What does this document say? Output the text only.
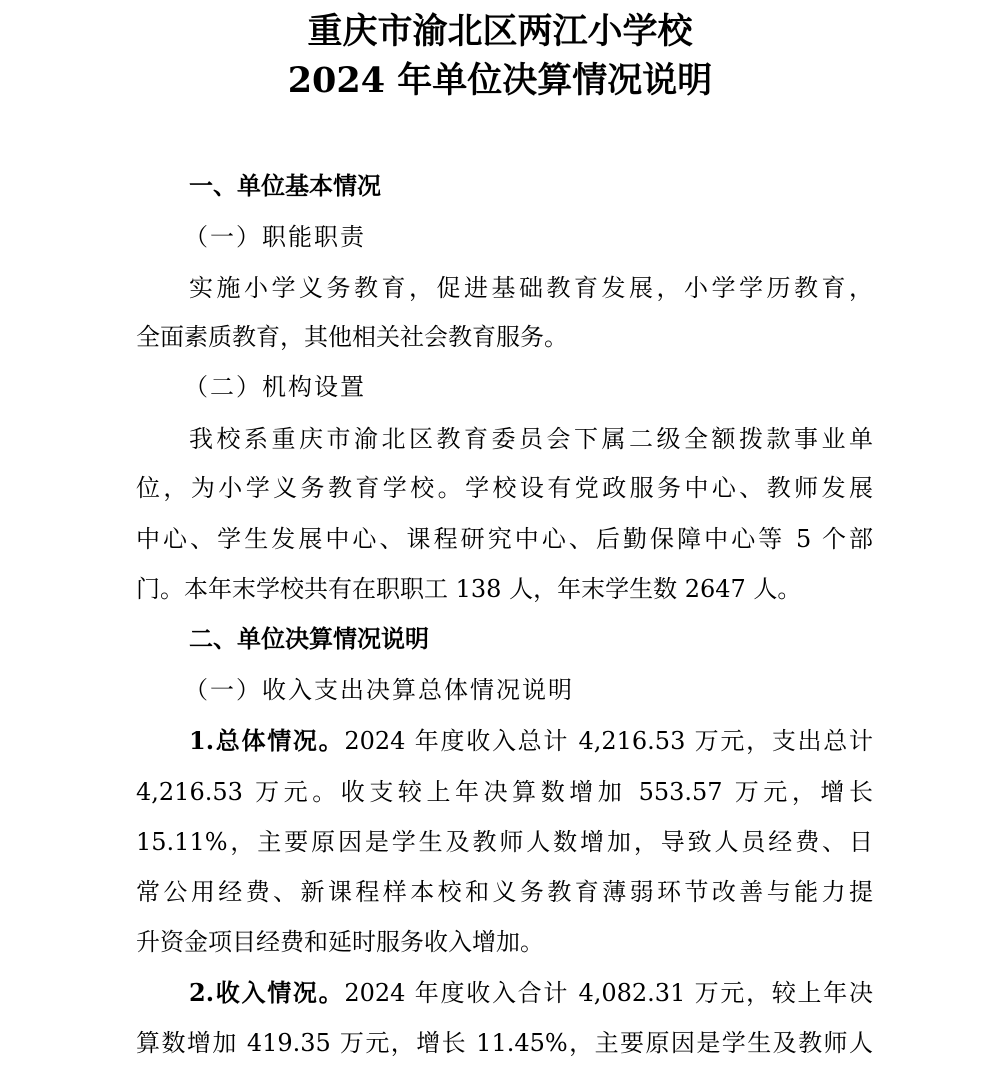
重庆市渝北区两江小学校
2024 年单位决算情况说明
一、单位基本情况
（一）职能职责
实施小学义务教育，促进基础教育发展，小学学历教育，
全面素质教育，其他相关社会教育服务。
（二）机构设置
我校系重庆市渝北区教育委员会下属二级全额拨款事业单
位，为小学义务教育学校。学校设有党政服务中心、教师发展
中心、学生发展中心、课程研究中心、后勤保障中心等 5 个部
门。本年末学校共有在职职工 138 人，年末学生数 2647 人。
二、单位决算情况说明
（一）收入支出决算总体情况说明
1.总体情况。2024 年度收入总计 4,216.53 万元，支出总计
4,216.53 万元。收支较上年决算数增加 553.57 万元，增长
15.11%，主要原因是学生及教师人数增加，导致人员经费、日
常公用经费、新课程样本校和义务教育薄弱环节改善与能力提
升资金项目经费和延时服务收入增加。
2.收入情况。2024 年度收入合计 4,082.31 万元，较上年决
算数增加 419.35 万元，增长 11.45%，主要原因是学生及教师人
